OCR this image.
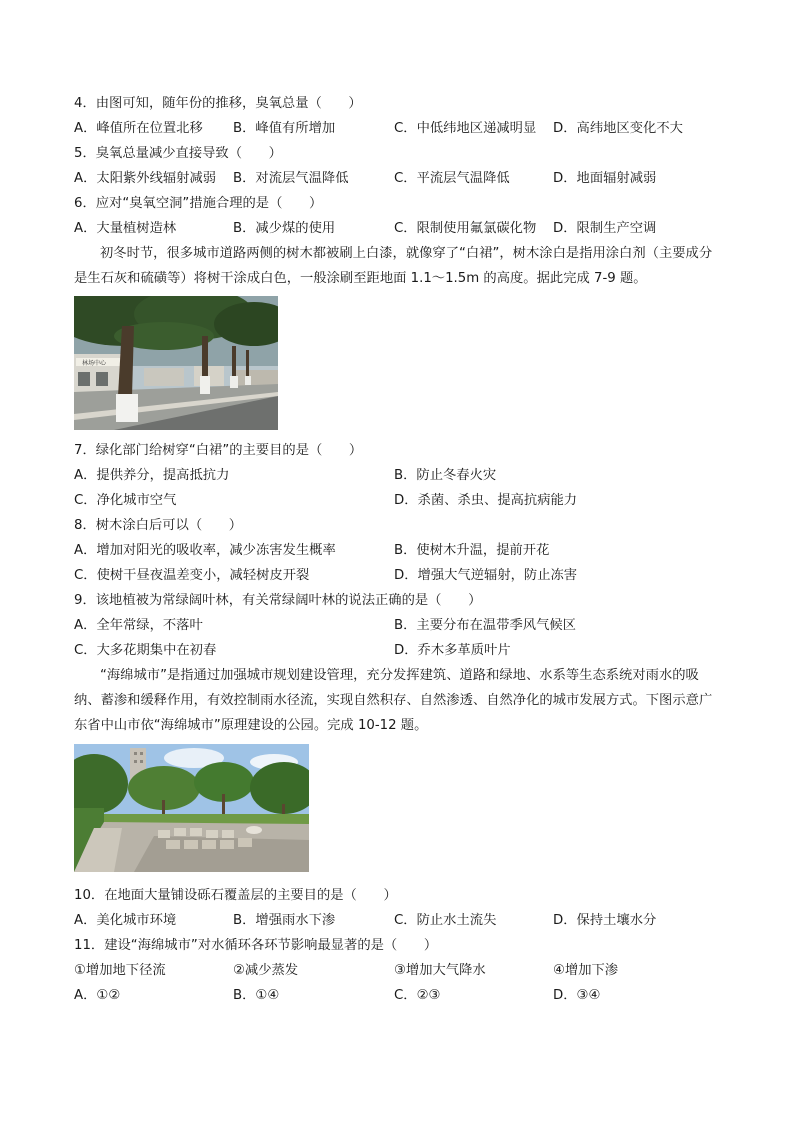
4．由图可知，随年份的推移，臭氧总量（　　）
A．峰值所在位置北移 B．峰值有所增加	C．中低纬地区递减明显 D．高纬地区变化不大
5．臭氧总量减少直接导致（　　）
A．太阳紫外线辐射减弱 B．对流层气温降低	C．平流层气温降低	D．地面辐射减弱
6．应对“臭氧空洞”措施合理的是（　　）
A．大量植树造林	B．减少煤的使用	C．限制使用氟氯碳化物 D．限制生产空调
初冬时节，很多城市道路两侧的树木都被刷上白漆，就像穿了“白裙”，树木涂白是指用涂白剂（主要成分是生石灰和硫磺等）将树干涂成白色，一般涂刷至距地面 1.1～1.5m 的高度。据此完成 7-9 题。
林场中心
7．绿化部门给树穿“白裙”的主要目的是（　　）
A．提供养分，提高抵抗力	B．防止冬春火灾
C．净化城市空气	D．杀菌、杀虫、提高抗病能力
8．树木涂白后可以（　　）
A．增加对阳光的吸收率，减少冻害发生概率	B．使树木升温，提前开花
C．使树干昼夜温差变小，减轻树皮开裂	D．增强大气逆辐射，防止冻害
9．该地植被为常绿阔叶林，有关常绿阔叶林的说法正确的是（　　）
A．全年常绿，不落叶	B．主要分布在温带季风气候区
C．大多花期集中在初春	D．乔木多革质叶片
“海绵城市”是指通过加强城市规划建设管理，充分发挥建筑、道路和绿地、水系等生态系统对雨水的吸纳、蓄渗和缓释作用，有效控制雨水径流，实现自然积存、自然渗透、自然净化的城市发展方式。下图示意广东省中山市依“海绵城市”原理建设的公园。完成 10-12 题。
10．在地面大量铺设砾石覆盖层的主要目的是（　　）
A．美化城市环境	B．增强雨水下渗	C．防止水土流失	D．保持土壤水分
11．建设“海绵城市”对水循环各环节影响最显著的是（　　）
①增加地下径流	②减少蒸发	③增加大气降水	④增加下渗
A．①②	B．①④	C．②③	D．③④
